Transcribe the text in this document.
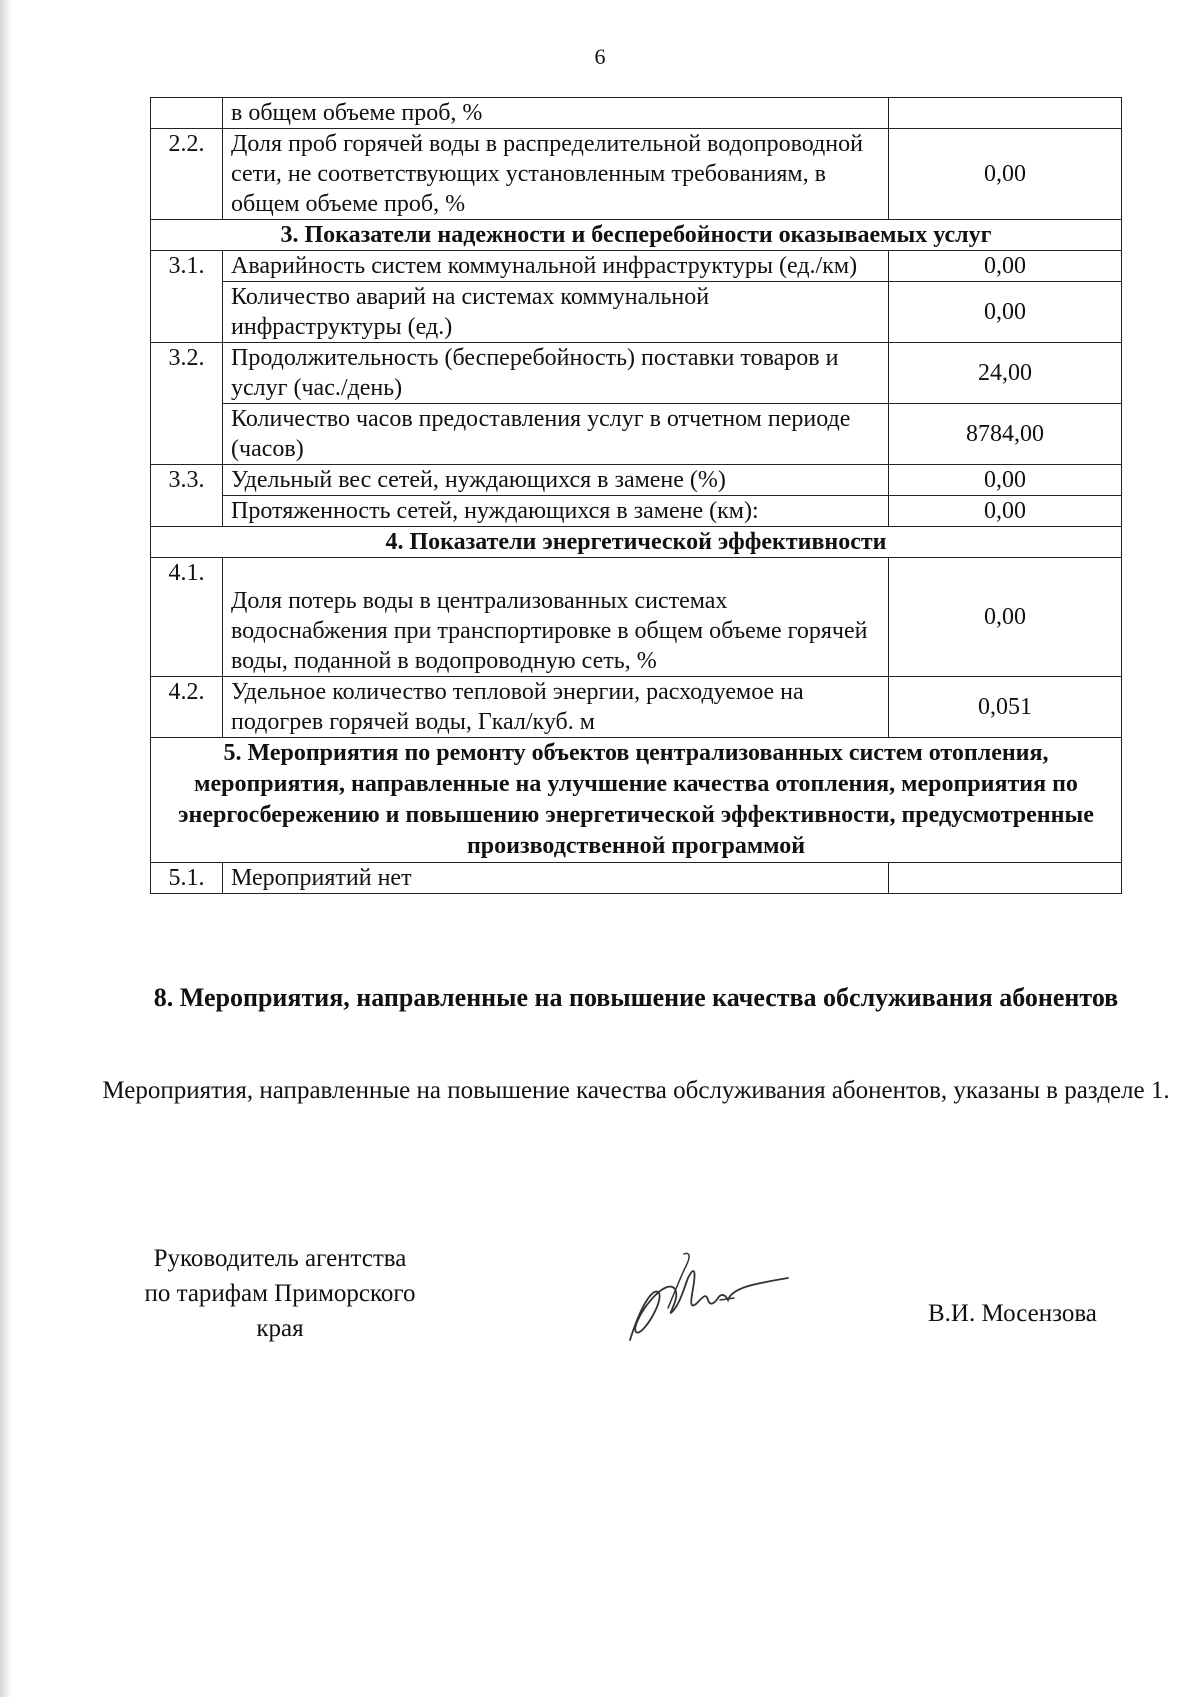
6
	в общем объеме проб, %	
2.2.	Доля проб горячей воды в распределительной водопроводной сети, не соответствующих установленным требованиям, в общем объеме проб, %	0,00
3. Показатели надежности и бесперебойности оказываемых услуг		
3.1.	Аварийность систем коммунальной инфраструктуры (ед./км)	0,00
	Количество аварий на системах коммунальной инфраструктуры (ед.)	0,00
3.2.	Продолжительность (бесперебойность) поставки товаров и услуг (час./день)	24,00
	Количество часов предоставления услуг в отчетном периоде (часов)	8784,00
3.3.	Удельный вес сетей, нуждающихся в замене (%)	0,00
	Протяженность сетей, нуждающихся в замене (км):	0,00
4. Показатели энергетической эффективности		
4.1.	Доля потерь воды в централизованных системах водоснабжения при транспортировке в общем объеме горячей воды, поданной в водопроводную сеть, %	0,00
4.2.	Удельное количество тепловой энергии, расходуемое на подогрев горячей воды, Гкал/куб. м	0,051
5. Мероприятия по ремонту объектов централизованных систем отопления, мероприятия, направленные на улучшение качества отопления, мероприятия по энергосбережению и повышению энергетической эффективности, предусмотренные производственной программой		
5.1.	Мероприятий нет	
8. Мероприятия, направленные на повышение качества обслуживания абонентов
Мероприятия, направленные на повышение качества обслуживания абонентов, указаны в разделе 1.
Руководитель агентства по тарифам Приморского края
В.И. Мосензова
